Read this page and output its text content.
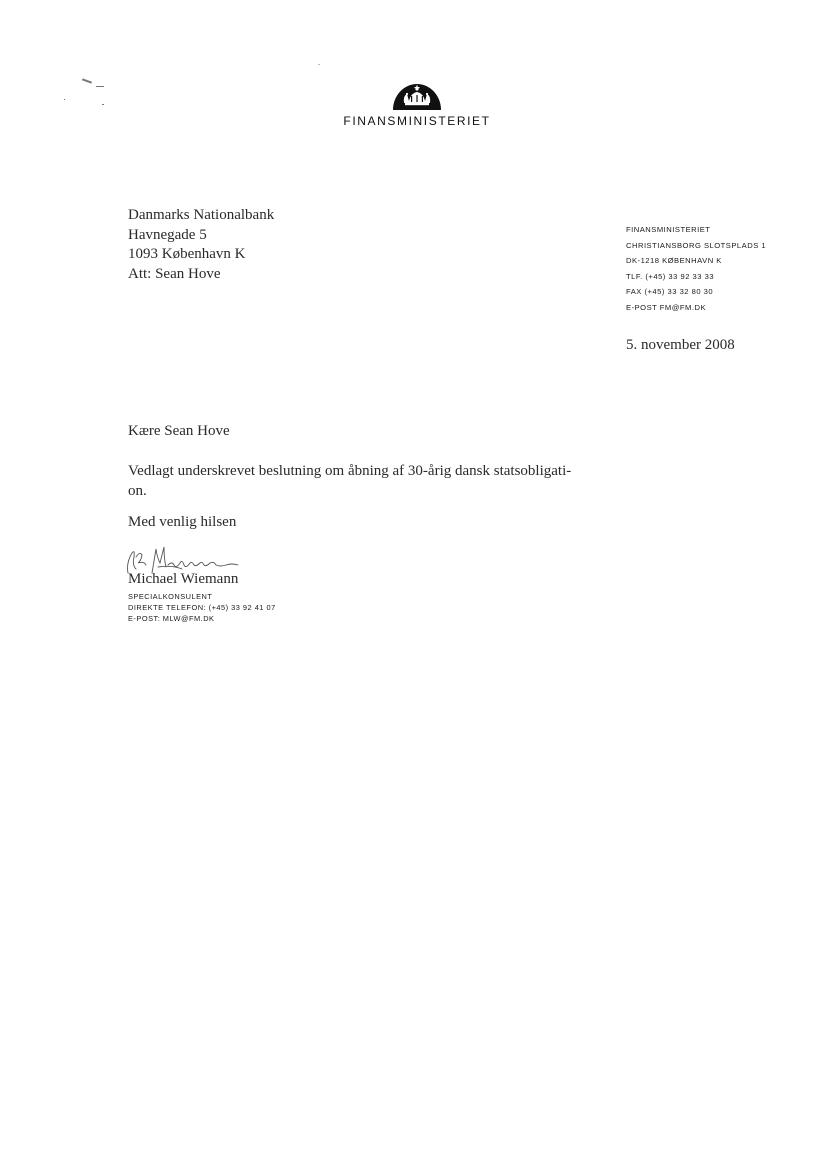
FINANSMINISTERIET
Danmarks Nationalbank
Havnegade 5
1093 København K
Att: Sean Hove
FINANSMINISTERIET
CHRISTIANSBORG SLOTSPLADS 1
DK-1218 KØBENHAVN K
TLF. (+45) 33 92 33 33
FAX (+45) 33 32 80 30
E-POST FM@FM.DK
5. november 2008
Kære Sean Hove
Vedlagt underskrevet beslutning om åbning af 30-årig dansk statsobligati-
on.
Med venlig hilsen
Michael Wiemann
SPECIALKONSULENT
DIREKTE TELEFON: (+45) 33 92 41 07
E-POST: MLW@FM.DK
